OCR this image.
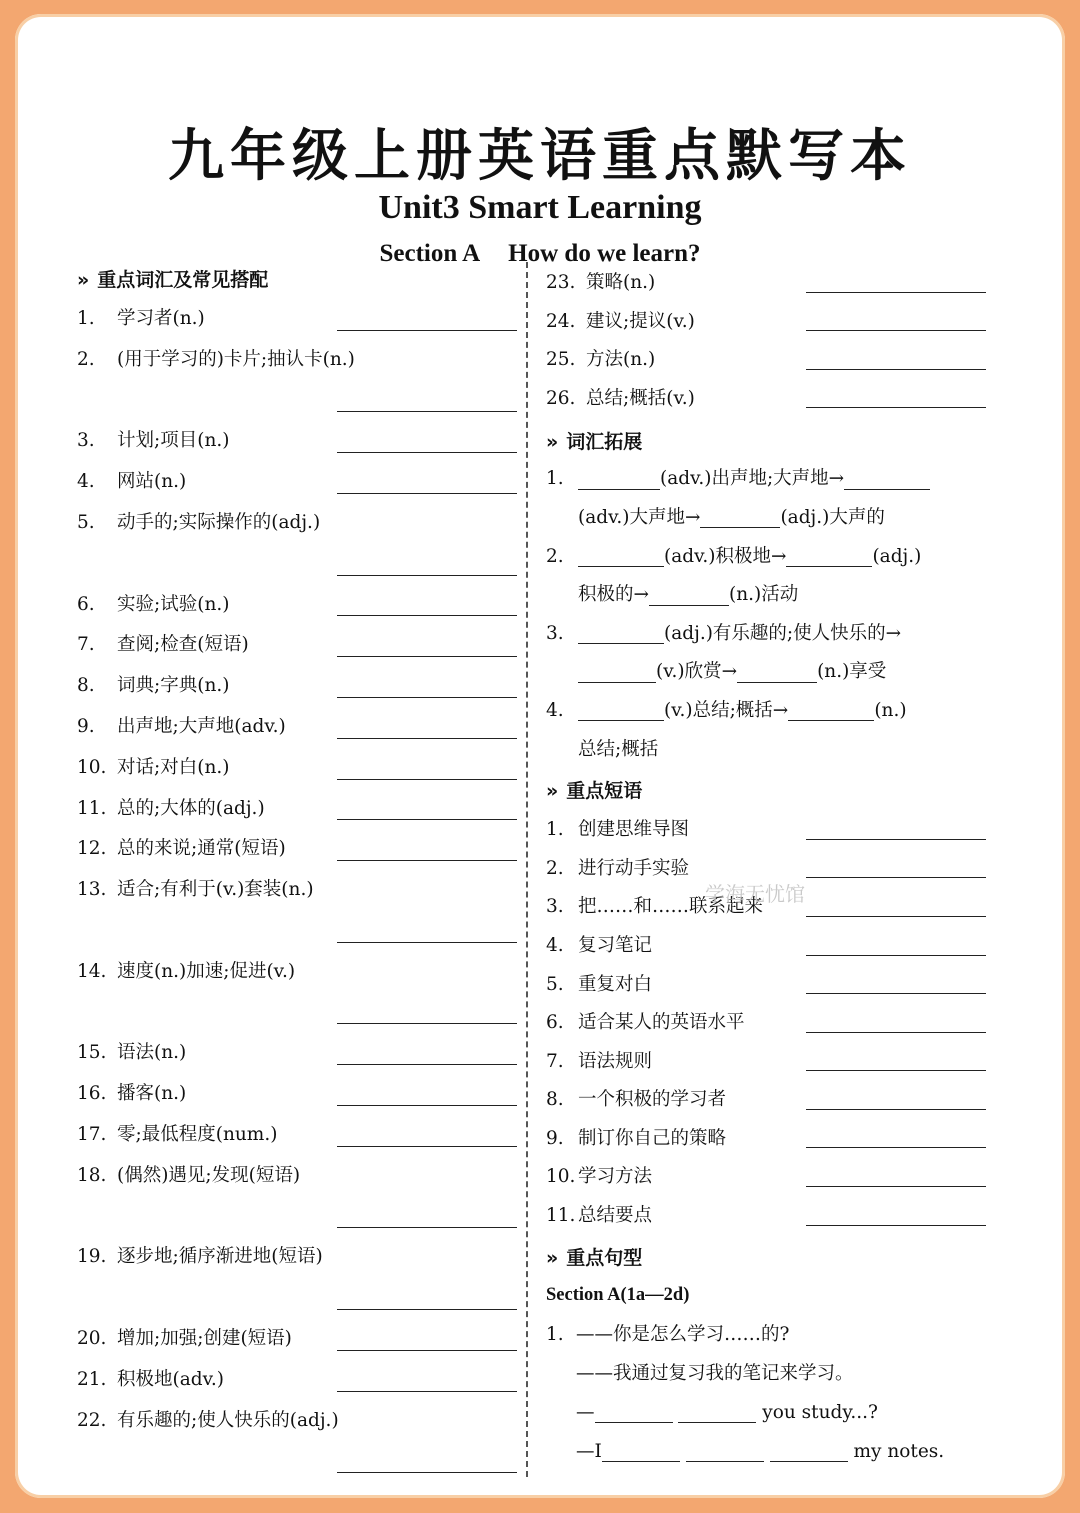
九年级上册英语重点默写本
Unit3 Smart Learning
Section A How do we learn?
» 重点词汇及常见搭配
1. 学习者(n.)
2. (用于学习的)卡片;抽认卡(n.)
3. 计划;项目(n.)
4. 网站(n.)
5. 动手的;实际操作的(adj.)
6. 实验;试验(n.)
7. 查阅;检查(短语)
8. 词典;字典(n.)
9. 出声地;大声地(adv.)
10. 对话;对白(n.)
11. 总的;大体的(adj.)
12. 总的来说;通常(短语)
13. 适合;有利于(v.)套装(n.)
14. 速度(n.)加速;促进(v.)
15. 语法(n.)
16. 播客(n.)
17. 零;最低程度(num.)
18. (偶然)遇见;发现(短语)
19. 逐步地;循序渐进地(短语)
20. 增加;加强;创建(短语)
21. 积极地(adv.)
22. 有乐趣的;使人快乐的(adj.)
23. 策略(n.)
24. 建议;提议(v.)
25. 方法(n.)
26. 总结;概括(v.)
» 词汇拓展
1.	(adv.)出声地;大声地→
(adv.)大声地→	(adj.)大声的
2.	(adv.)积极地→	(adj.)
积极的→	(n.)活动
3.	(adj.)有乐趣的;使人快乐的→
(v.)欣赏→	(n.)享受
4.	(v.)总结;概括→	(n.)
总结;概括
» 重点短语
1. 创建思维导图
2. 进行动手实验
3. 把……和……联系起来
4. 复习笔记
5. 重复对白
6. 适合某人的英语水平
7. 语法规则
8. 一个积极的学习者
9. 制订你自己的策略
10. 学习方法
11. 总结要点
» 重点句型
Section A(1a—2d)
1. ——你是怎么学习……的?
——我通过复习我的笔记来学习。
—	you study...?
—I	my notes.
学海无忧馆
